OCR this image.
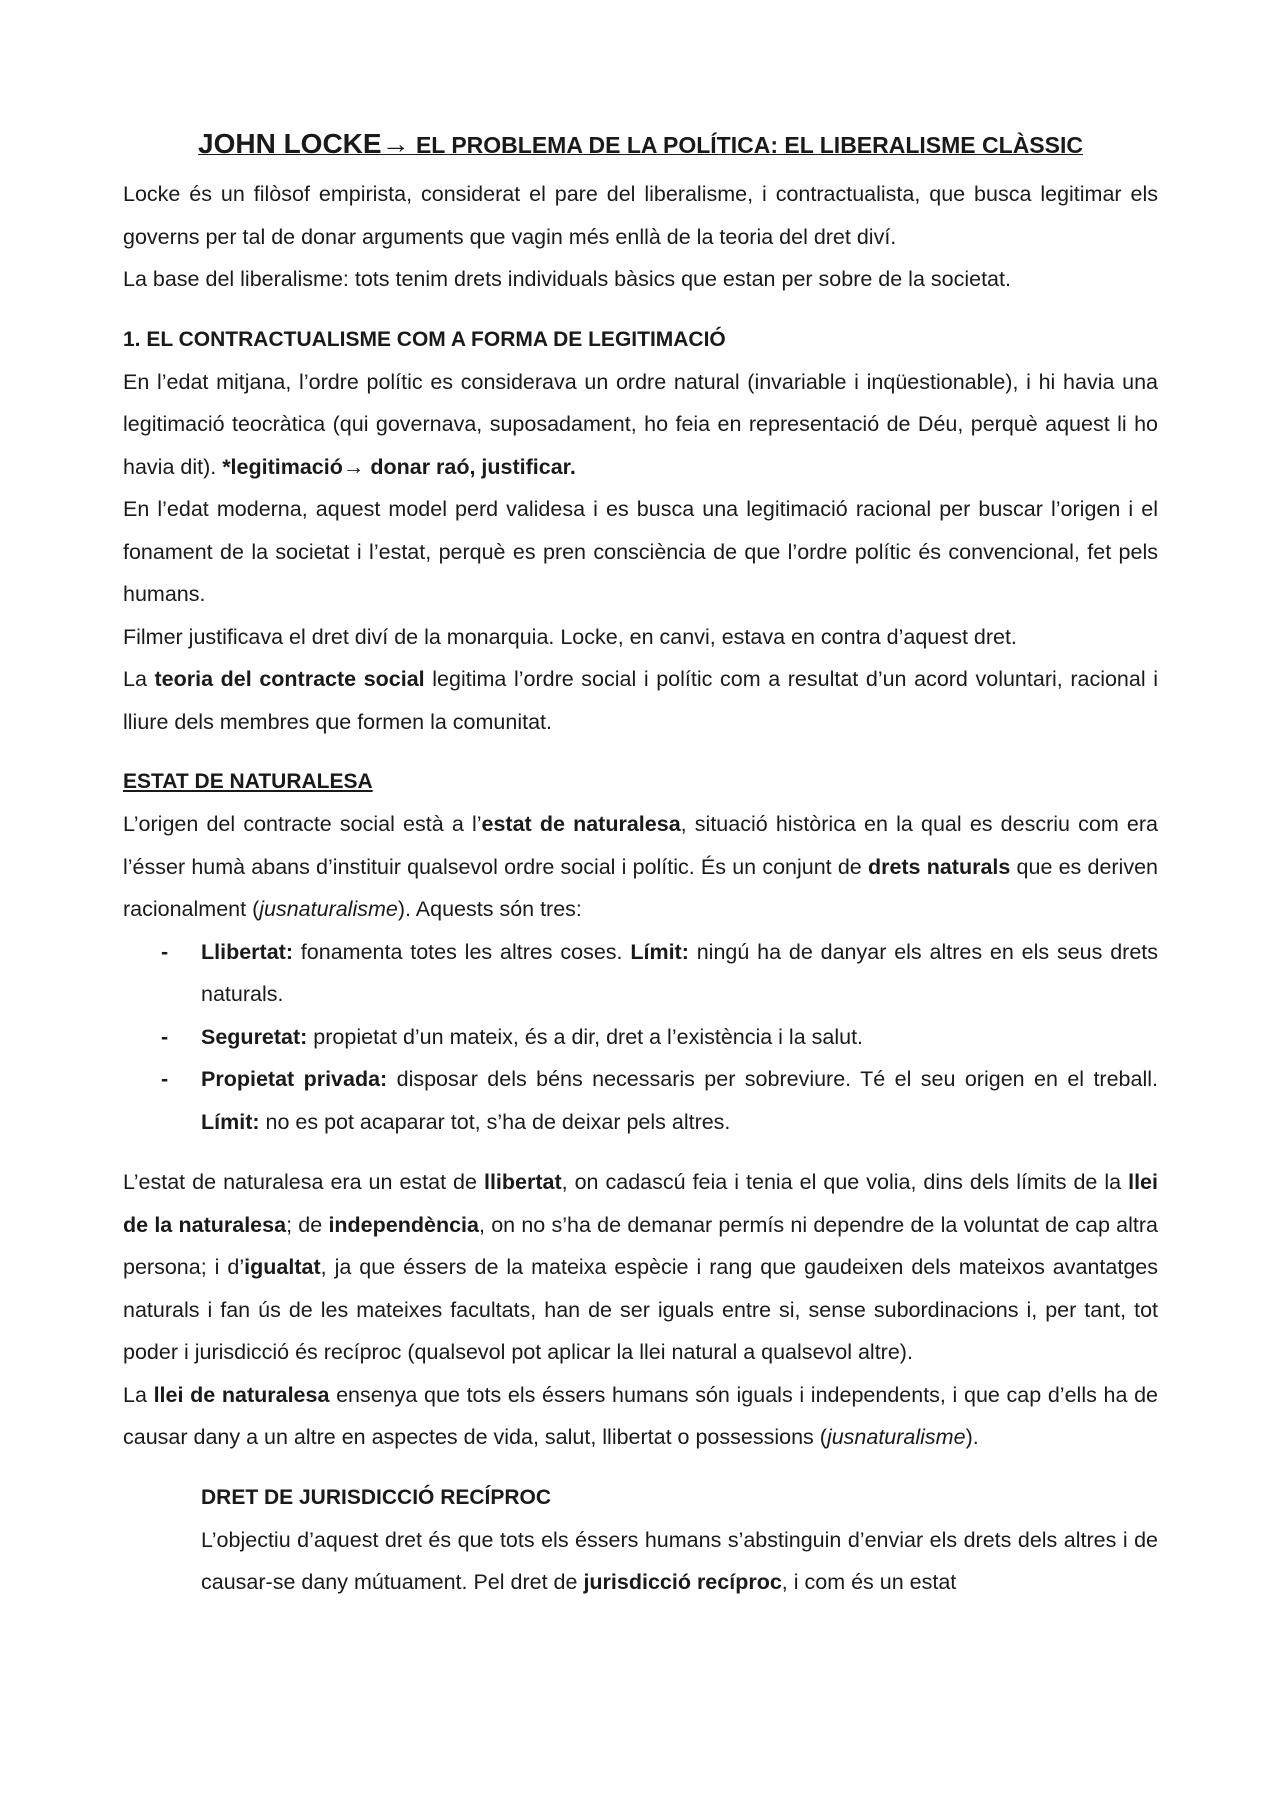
JOHN LOCKE→ EL PROBLEMA DE LA POLÍTICA: EL LIBERALISME CLÀSSIC

Locke és un filòsof empirista, considerat el pare del liberalisme, i contractualista, que busca legitimar els governs per tal de donar arguments que vagin més enllà de la teoria del dret diví.

La base del liberalisme: tots tenim drets individuals bàsics que estan per sobre de la societat.

1. EL CONTRACTUALISME COM A FORMA DE LEGITIMACIÓ

En l’edat mitjana, l’ordre polític es considerava un ordre natural (invariable i inqüestionable), i hi havia una legitimació teocràtica (qui governava, suposadament, ho feia en representació de Déu, perquè aquest li ho havia dit). *legitimació→ donar raó, justificar.

En l’edat moderna, aquest model perd validesa i es busca una legitimació racional per buscar l’origen i el fonament de la societat i l’estat, perquè es pren consciència de que l’ordre polític és convencional, fet pels humans.

Filmer justificava el dret diví de la monarquia. Locke, en canvi, estava en contra d’aquest dret.

La teoria del contracte social legitima l’ordre social i polític com a resultat d’un acord voluntari, racional i lliure dels membres que formen la comunitat.

ESTAT DE NATURALESA

L’origen del contracte social està a l’estat de naturalesa, situació històrica en la qual es descriu com era l’ésser humà abans d’instituir qualsevol ordre social i polític. És un conjunt de drets naturals que es deriven racionalment (jusnaturalisme). Aquests són tres:

- Llibertat: fonamenta totes les altres coses. Límit: ningú ha de danyar els altres en els seus drets naturals.
- Seguretat: propietat d’un mateix, és a dir, dret a l’existència i la salut.
- Propietat privada: disposar dels béns necessaris per sobreviure. Té el seu origen en el treball. Límit: no es pot acaparar tot, s’ha de deixar pels altres.

L’estat de naturalesa era un estat de llibertat, on cadascú feia i tenia el que volia, dins dels límits de la llei de la naturalesa; de independència, on no s’ha de demanar permís ni dependre de la voluntat de cap altra persona; i d’igualtat, ja que éssers de la mateixa espècie i rang que gaudeixen dels mateixos avantatges naturals i fan ús de les mateixes facultats, han de ser iguals entre si, sense subordinacions i, per tant, tot poder i jurisdicció és recíproc (qualsevol pot aplicar la llei natural a qualsevol altre).

La llei de naturalesa ensenya que tots els éssers humans són iguals i independents, i que cap d’ells ha de causar dany a un altre en aspectes de vida, salut, llibertat o possessions (jusnaturalisme).

DRET DE JURISDICCIÓ RECÍPROC

L’objectiu d’aquest dret és que tots els éssers humans s’abstinguin d’enviar els drets dels altres i de causar-se dany mútuament. Pel dret de jurisdicció recíproc, i com és un estat
